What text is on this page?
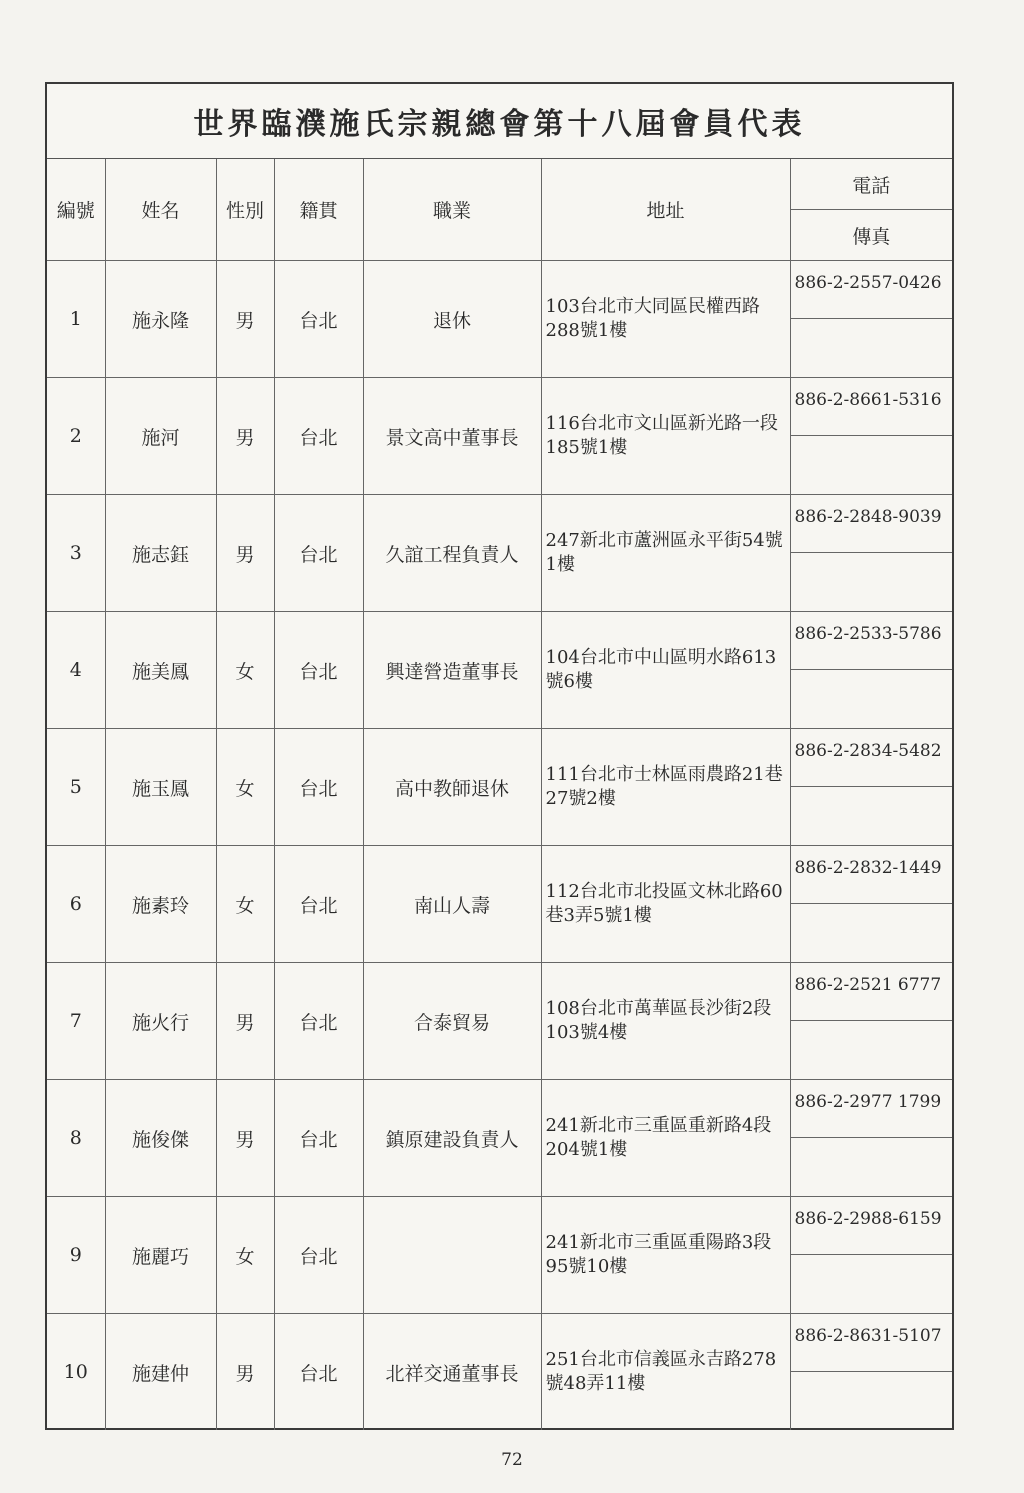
世界臨濮施氏宗親總會第十八屆會員代表
編號	姓名	性別	籍貫	職業	地址	電話
						傳真
1	施永隆	男	台北	退休	103台北市大同區民權西路288號1樓	886-2-2557-0426

2	施河	男	台北	景文高中董事長	116台北市文山區新光路一段185號1樓	886-2-8661-5316

3	施志鈺	男	台北	久誼工程負責人	247新北市蘆洲區永平街54號1樓	886-2-2848-9039

4	施美鳳	女	台北	興達營造董事長	104台北市中山區明水路613號6樓	886-2-2533-5786

5	施玉鳳	女	台北	高中教師退休	111台北市士林區雨農路21巷27號2樓	886-2-2834-5482

6	施素玲	女	台北	南山人壽	112台北市北投區文林北路60巷3弄5號1樓	886-2-2832-1449

7	施火行	男	台北	合泰貿易	108台北市萬華區長沙街2段103號4樓	886-2-2521 6777

8	施俊傑	男	台北	鎮原建設負責人	241新北市三重區重新路4段204號1樓	886-2-2977 1799

9	施麗巧	女	台北		241新北市三重區重陽路3段95號10樓	886-2-2988-6159

10	施建仲	男	台北	北祥交通董事長	251台北市信義區永吉路278號48弄11樓	886-2-8631-5107

72
